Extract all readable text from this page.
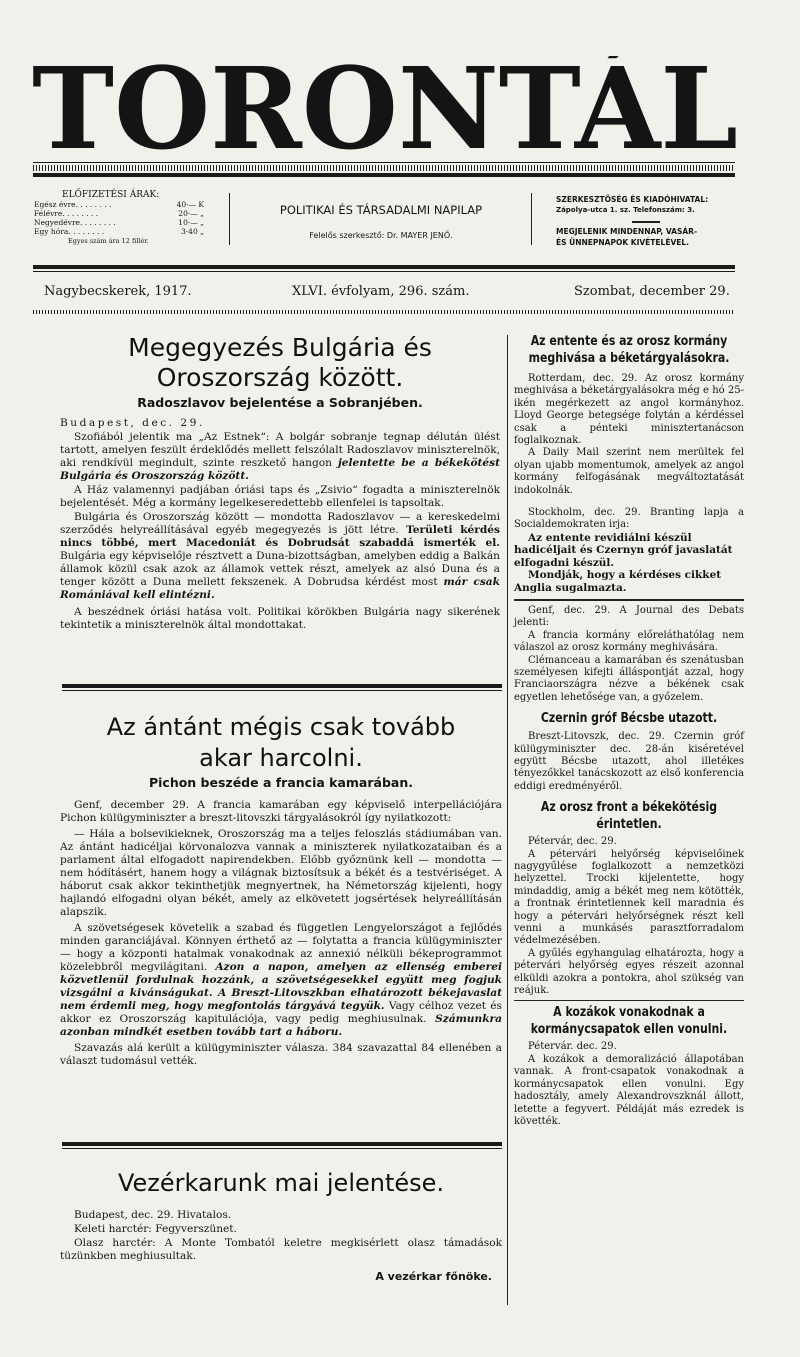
TORONTÁL
ELŐFIZETÉSI ÁRAK:
Egész évre . . . . . . . .	40·— K
Félévre . . . . . . . .	20·— „
Negyedévre . . . . . . . .	10·— „
Egy hóra . . . . . . . .	3·40 „
Egyes szám ára 12 fillér.
POLITIKAI ÉS TÁRSADALMI NAPILAP
Felelős szerkesztő: Dr. MAYER JENŐ.
SZERKESZTŐSÉG ÉS KIADÓHIVATAL:
Zápolya-utca 1. sz. Telefonszám: 3.
MEGJELENIK MINDENNAP, VASÁR-
ÉS ÜNNEPNAPOK KIVÉTELÉVEL.
Nagybecskerek, 1917.	XLVI. évfolyam, 296. szám.	Szombat, december 29.
Megegyezés Bulgária és
Oroszország között.
Radoszlavov bejelentése a Sobranjében.

Budapest, dec. 29.

Szofiából jelentik ma „Az Estnek“: A bolgár sobranje tegnap délután ülést tartott, amelyen feszült érdeklődés mellett felszólalt Radoszlavov miniszterelnök, aki rendkívül megindult, szinte reszkető hangon jelentette be a békekötést Bulgária és Oroszország között.

A Ház valamennyi padjában óriási taps és „Zsivio“ fogadta a miniszterelnök bejelentését. Még a kormány legelkeseredettebb ellenfelei is tapsoltak.

Bulgária és Oroszország között — mondotta Radoszlavov — a kereskedelmi szerződés helyreállításával egyéb megegyezés is jött létre. Területi kérdés nincs többé, mert Macedoniát és Dobrudsát szabaddá ismerték el. Bulgária egy képviselője résztvett a Duna-bizottságban, amelyben eddig a Balkán államok közül csak azok az államok vettek részt, amelyek az alsó Duna és a tenger között a Duna mellett fekszenek. A Dobrudsa kérdést most már csak Romániával kell elintézni.

A beszédnek óriási hatása volt. Politikai körökben Bulgária nagy sikerének tekintetik a miniszterelnök által mondottakat.

Az ántánt mégis csak tovább
akar harcolni.
Pichon beszéde a francia kamarában.

Genf, december 29. A francia kamarában egy képviselő interpellációjára Pichon külügyminiszter a breszt-litovszki tárgyalásokról így nyilatkozott:

— Hála a bolsevikieknek, Oroszország ma a teljes feloszlás stádiumában van. Az ántánt hadicéljai körvonalozva vannak a miniszterek nyilatkozataiban és a parlament által elfogadott napirendekben. Előbb győznünk kell — mondotta — nem hódításért, hanem hogy a világnak biztosítsuk a békét és a testvériséget. A háborut csak akkor tekinthetjük megnyertnek, ha Németország kijelenti, hogy hajlandó elfogadni olyan békét, amely az elkövetett jogsértések helyreállításán alapszik.

A szövetségesek követelik a szabad és független Lengyelországot a fejlődés minden garanciájával. Könnyen érthető az — folytatta a francia külügyminiszter — hogy a központi hatalmak vonakodnak az annexió nélküli békeprogrammot közelebbről megvilágitani. Azon a napon, amelyen az ellenség emberei közvetlenül fordulnak hozzánk, a szövetségesekkel együtt meg fogjuk vizsgálni a kivánságukat. A Breszt-Litovszkban elhatározott békejavaslat nem érdemli meg, hogy megfontolás tárgyává tegyük. Vagy célhoz vezet és akkor ez Oroszország kapitulációja, vagy pedig meghiusulnak. Számunkra azonban mindkét esetben tovább tart a háboru.

Szavazás alá került a külügyminiszter válasza. 384 szavazattal 84 ellenében a választ tudomásul vették.

Vezérkarunk mai jelentése.

Budapest, dec. 29. Hivatalos.

Keleti harctér: Fegyverszünet.

Olasz harctér: A Monte Tombatól keletre megkisérlett olasz támadások tüzünkben meghiusultak.

A vezérkar főnöke.

Az entente és az orosz kormány meghivása a béketárgyalásokra.

Rotterdam, dec. 29. Az orosz kormány meghivása a béketárgyalásokra még e hó 25-ikén megérkezett az angol kormányhoz. Lloyd George betegsége folytán a kérdéssel csak a pénteki minisztertanácson foglalkoznak.

A Daily Mail szerint nem merültek fel olyan ujabb momentumok, amelyek az angol kormány felfogásának megváltoztatását indokolnák.

Stockholm, dec. 29. Branting lapja a Socialdemokraten irja:

Az entente revidiálni készül hadicéljait és Czernyn gróf javaslatát elfogadni készül.

Mondják, hogy a kérdéses cikket Anglia sugalmazta.

Genf, dec. 29. A Journal des Debats jelenti:

A francia kormány előreláthatólag nem válaszol az orosz kormány meghivására.

Clémanceau a kamarában és szenátusban személyesen kifejti álláspontját azzal, hogy Franciaországra nézve a békének csak egyetlen lehetősége van, a győzelem.

Czernin gróf Bécsbe utazott.

Breszt-Litovszk, dec. 29. Czernin gróf külügyminiszter dec. 28-án kiséretével együtt Bécsbe utazott, ahol illetékes tényezőkkel tanácskozott az első konferencia eddigi eredményéről.

Az orosz front a békekötésig érintetlen.

Pétervár, dec. 29.

A pétervári helyőrség képviselőinek nagygyűlése foglalkozott a nemzetközi helyzettel. Trocki kijelentette, hogy mindaddig, amig a békét meg nem kötötték, a frontnak érintetlennek kell maradnia és hogy a pétervári helyőrségnek részt kell venni a munkásés parasztforradalom védelmezésében.

A gyűlés egyhangulag elhatározta, hogy a pétervári helyőrség egyes részeit azonnal elküldi azokra a pontokra, ahol szükség van reájuk.

A kozákok vonakodnak a kormánycsapatok ellen vonulni.

Pétervár. dec. 29.

A kozákok a demoralizáció állapotában vannak. A front-csapatok vonakodnak a kormánycsapatok ellen vonulni. Egy hadosztály, amely Alexandrovszknál állott, letette a fegyvert. Példáját más ezredek is követték.
